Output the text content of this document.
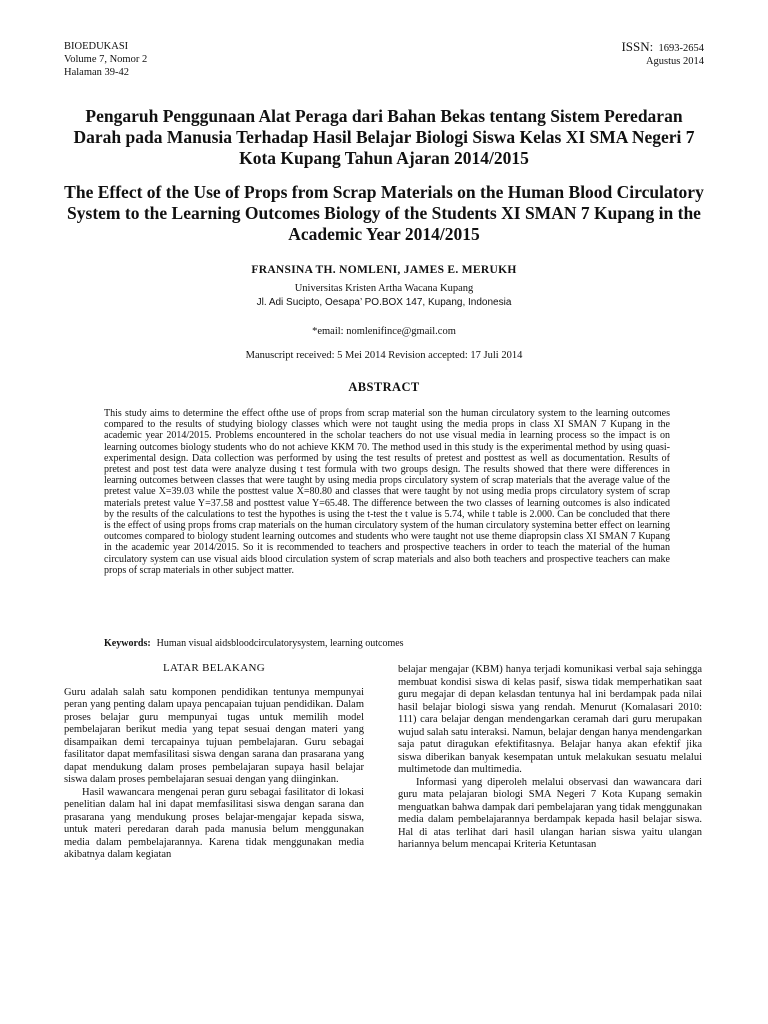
BIOEDUKASI
Volume 7, Nomor 2
Halaman 39-42
ISSN: 1693-2654
Agustus 2014
Pengaruh Penggunaan Alat Peraga dari Bahan Bekas tentang Sistem Peredaran Darah pada Manusia Terhadap Hasil Belajar Biologi Siswa Kelas XI SMA Negeri 7 Kota Kupang Tahun Ajaran 2014/2015
The Effect of the Use of Props from Scrap Materials on the Human Blood Circulatory System to the Learning Outcomes Biology of the Students XI SMAN 7 Kupang in the Academic Year 2014/2015
FRANSINA TH. NOMLENI, JAMES E. MERUKH
Universitas Kristen Artha Wacana Kupang
Jl. Adi Sucipto, Oesapa’ PO.BOX 147, Kupang, Indonesia
*email: nomlenifince@gmail.com
Manuscript received: 5 Mei 2014 Revision accepted: 17 Juli 2014
ABSTRACT
This study aims to determine the effect ofthe use of props from scrap material son the human circulatory system to the learning outcomes compared to the results of studying biology classes which were not taught using the media props in class XI SMAN 7 Kupang in the academic year 2014/2015. Problems encountered in the scholar teachers do not use visual media in learning process so the impact is on learning outcomes biology students who do not achieve KKM 70. The method used in this study is the experimental method by using quasi-experimental design. Data collection was performed by using the test results of pretest and posttest as well as documentation. Results of pretest and post test data were analyze dusing t test formula with two groups design. The results showed that there were differences in learning outcomes between classes that were taught by using media props circulatory system of scrap materials that the average value of the pretest value X=39.03 while the posttest value X=80.80 and classes that were taught by not using media props circulatory system of scrap materials pretest value Y=37.58 and posttest value Y=65.48. The difference between the two classes of learning outcomes is also indicated by the results of the calculations to test the hypothes is using the t-test the t value is 5.74, while t table is 2.000. Can be concluded that there is the effect of using props froms crap materials on the human circulatory system of the human circulatory systemina better effect on learning outcomes compared to biology student learning outcomes and students who were taught not use theme diapropsin class XI SMAN 7 Kupang in the academic year 2014/2015. So it is recommended to teachers and prospective teachers in order to teach the material of the human circulatory system can use visual aids blood circulation system of scrap materials and also both teachers and prospective teachers can make props of scrap materials in other subject matter.
Keywords: Human visual aidsbloodcirculatorysystem, learning outcomes
LATAR BELAKANG

Guru adalah salah satu komponen pendidikan tentunya mempunyai peran yang penting dalam upaya pencapaian tujuan pendidikan. Dalam proses belajar guru mempunyai tugas untuk memilih model pembelajaran berikut media yang tepat sesuai dengan materi yang disampaikan demi tercapainya tujuan pembelajaran. Guru sebagai fasilitator dapat memfasilitasi siswa dengan sarana dan prasarana yang dapat mendukung dalam proses pembelajaran supaya hasil belajar siswa dalam proses pembelajaran sesuai dengan yang diinginkan.

Hasil wawancara mengenai peran guru sebagai fasilitator di lokasi penelitian dalam hal ini dapat memfasilitasi siswa dengan sarana dan prasarana yang mendukung proses belajar-mengajar kepada siswa, untuk materi peredaran darah pada manusia belum menggunakan media dalam pembelajarannya. Karena tidak menggunakan media akibatnya dalam kegiatan

belajar mengajar (KBM) hanya terjadi komunikasi verbal saja sehingga membuat kondisi siswa di kelas pasif, siswa tidak memperhatikan saat guru megajar di depan kelasdan tentunya hal ini berdampak pada nilai hasil belajar biologi siswa yang rendah. Menurut (Komalasari 2010: 111) cara belajar dengan mendengarkan ceramah dari guru merupakan wujud salah satu interaksi. Namun, belajar dengan hanya mendengarkan saja patut diragukan efektifitasnya. Belajar hanya akan efektif jika siswa diberikan banyak kesempatan untuk melakukan sesuatu melalui multimetode dan multimedia.

Informasi yang diperoleh melalui observasi dan wawancara dari guru mata pelajaran biologi SMA Negeri 7 Kota Kupang semakin menguatkan bahwa dampak dari pembelajaran yang tidak menggunakan media dalam pembelajarannya berdampak kepada hasil belajar siswa. Hal di atas terlihat dari hasil ulangan harian siswa yaitu ulangan hariannya belum mencapai Kriteria Ketuntasan
